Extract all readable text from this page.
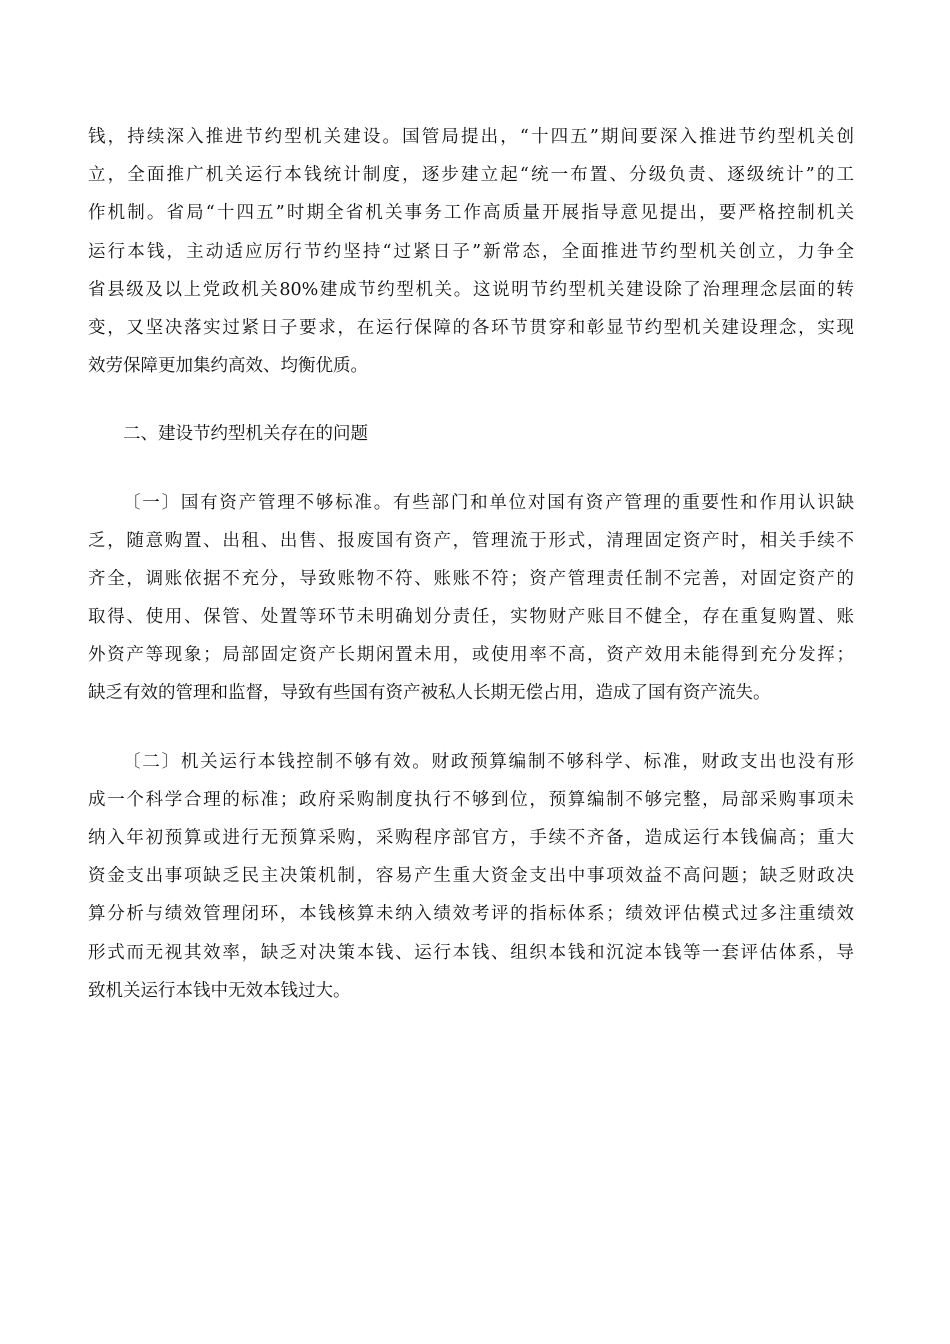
钱，持续深入推进节约型机关建设。国管局提出，“十四五”期间要深入推进节约型机关创
立，全面推广机关运行本钱统计制度，逐步建立起“统一布置、分级负责、逐级统计”的工
作机制。省局“十四五”时期全省机关事务工作高质量开展指导意见提出，要严格控制机关
运行本钱，主动适应厉行节约坚持“过紧日子”新常态，全面推进节约型机关创立，力争全
省县级及以上党政机关80%建成节约型机关。这说明节约型机关建设除了治理理念层面的转
变，又坚决落实过紧日子要求，在运行保障的各环节贯穿和彰显节约型机关建设理念，实现
效劳保障更加集约高效、均衡优质。
二、建设节约型机关存在的问题
〔一〕国有资产管理不够标准。有些部门和单位对国有资产管理的重要性和作用认识缺
乏，随意购置、出租、出售、报废国有资产，管理流于形式，清理固定资产时，相关手续不
齐全，调账依据不充分，导致账物不符、账账不符；资产管理责任制不完善，对固定资产的
取得、使用、保管、处置等环节未明确划分责任，实物财产账目不健全，存在重复购置、账
外资产等现象；局部固定资产长期闲置未用，或使用率不高，资产效用未能得到充分发挥；
缺乏有效的管理和监督，导致有些国有资产被私人长期无偿占用，造成了国有资产流失。
〔二〕机关运行本钱控制不够有效。财政预算编制不够科学、标准，财政支出也没有形
成一个科学合理的标准；政府采购制度执行不够到位，预算编制不够完整，局部采购事项未
纳入年初预算或进行无预算采购，采购程序部官方，手续不齐备，造成运行本钱偏高；重大
资金支出事项缺乏民主决策机制，容易产生重大资金支出中事项效益不高问题；缺乏财政决
算分析与绩效管理闭环，本钱核算未纳入绩效考评的指标体系；绩效评估模式过多注重绩效
形式而无视其效率，缺乏对决策本钱、运行本钱、组织本钱和沉淀本钱等一套评估体系，导
致机关运行本钱中无效本钱过大。
